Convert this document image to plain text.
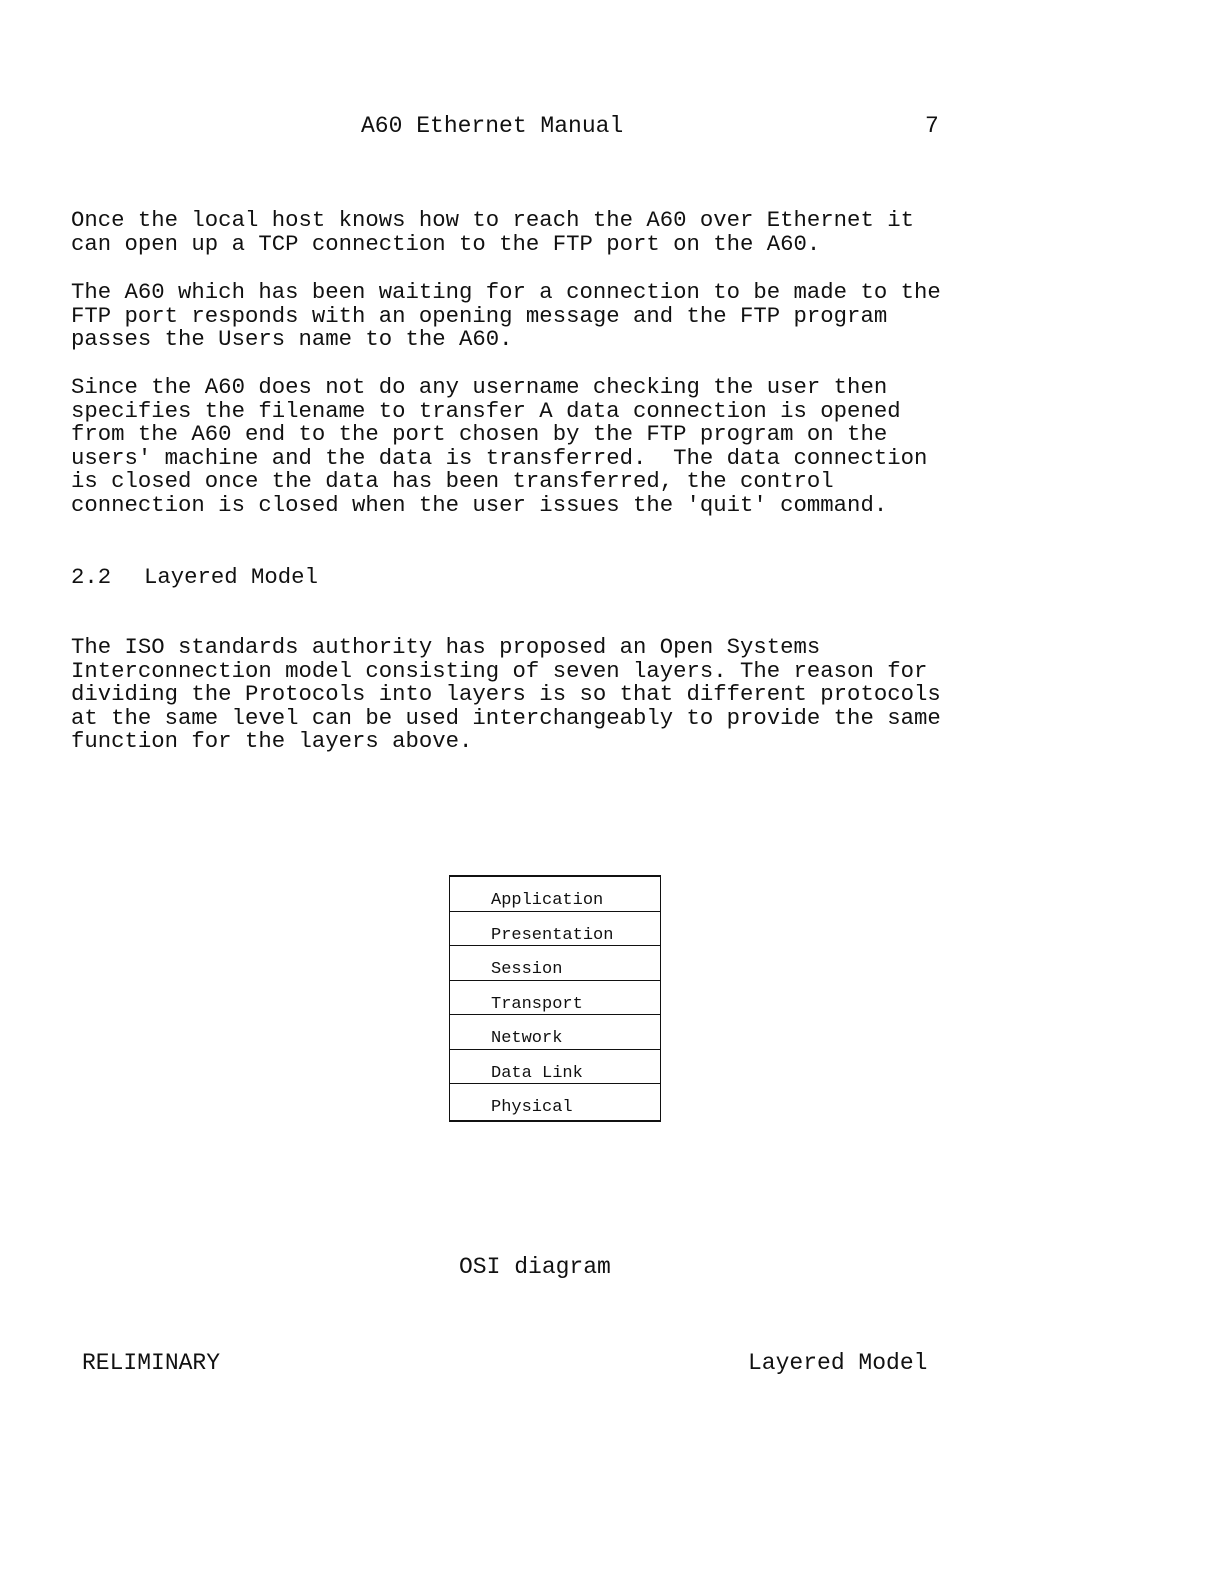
A60 Ethernet Manual	7

Once the local host knows how to reach the A60 over Ethernet it
can open up a TCP connection to the FTP port on the A60.

The A60 which has been waiting for a connection to be made to the
FTP port responds with an opening message and the FTP program
passes the Users name to the A60.

Since the A60 does not do any username checking the user then
specifies the filename to transfer A data connection is opened
from the A60 end to the port chosen by the FTP program on the
users' machine and the data is transferred.  The data connection
is closed once the data has been transferred, the control
connection is closed when the user issues the 'quit' command.

2.2 Layered Model

The ISO standards authority has proposed an Open Systems
Interconnection model consisting of seven layers. The reason for
dividing the Protocols into layers is so that different protocols
at the same level can be used interchangeably to provide the same
function for the layers above.

Application
Presentation
Session
Transport
Network
Data Link
Physical
OSI diagram
RELIMINARY	Layered Model
